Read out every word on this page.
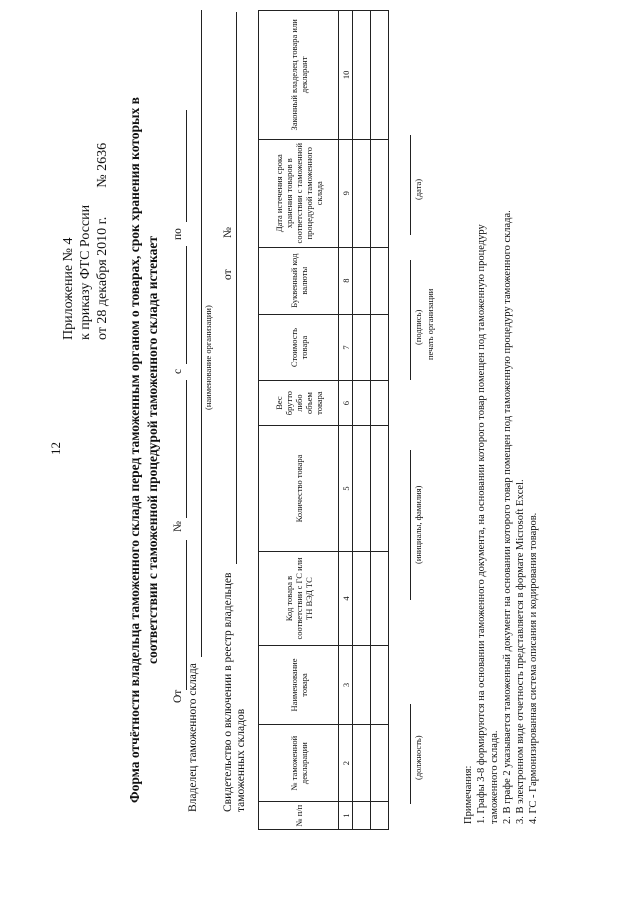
12
Приложение № 4 к приказу ФТС России от 28 декабря 2010 г.  № 2636 Форма отчётности владельца таможенного склада перед таможенным органом о товарах, срок хранения которых в соответствии с таможенной процедурой таможенного склада истекает
От
№
с
по
Владелец таможенного склада
(наименование организации)
Свидетельство о включении в реестр владельцев таможенных складов
от
№
№ п/п	№ таможенной декларации	Наименование товара	Код товара в соответствии с ГС или ТН ВЭД ТС	Количество товара	Вес брутто либо объем товара	Стоимость товара	Буквенный код валюты	Дата истечения срока хранения товаров в соответствии с таможенной процедурой таможенного склада	Законный владелец товара или декларант
1	2	3	4	5	6	7	8	9	10

(должность)
(инициалы, фамилия)
(подпись) печать организации
(дата)
Примечания: 1. Графы 3-8 формируются на основании таможенного документа, на основании которого товар помещен под таможенную процедуру таможенного склада. 2. В графе 2 указывается таможенный документ на основании которого товар помещен под таможенную процедуру таможенного склада. 3. В электронном виде отчетность представляется в формате Microsoft Excel. 4. ГС - Гармонизированная система описания и кодирования товаров.
